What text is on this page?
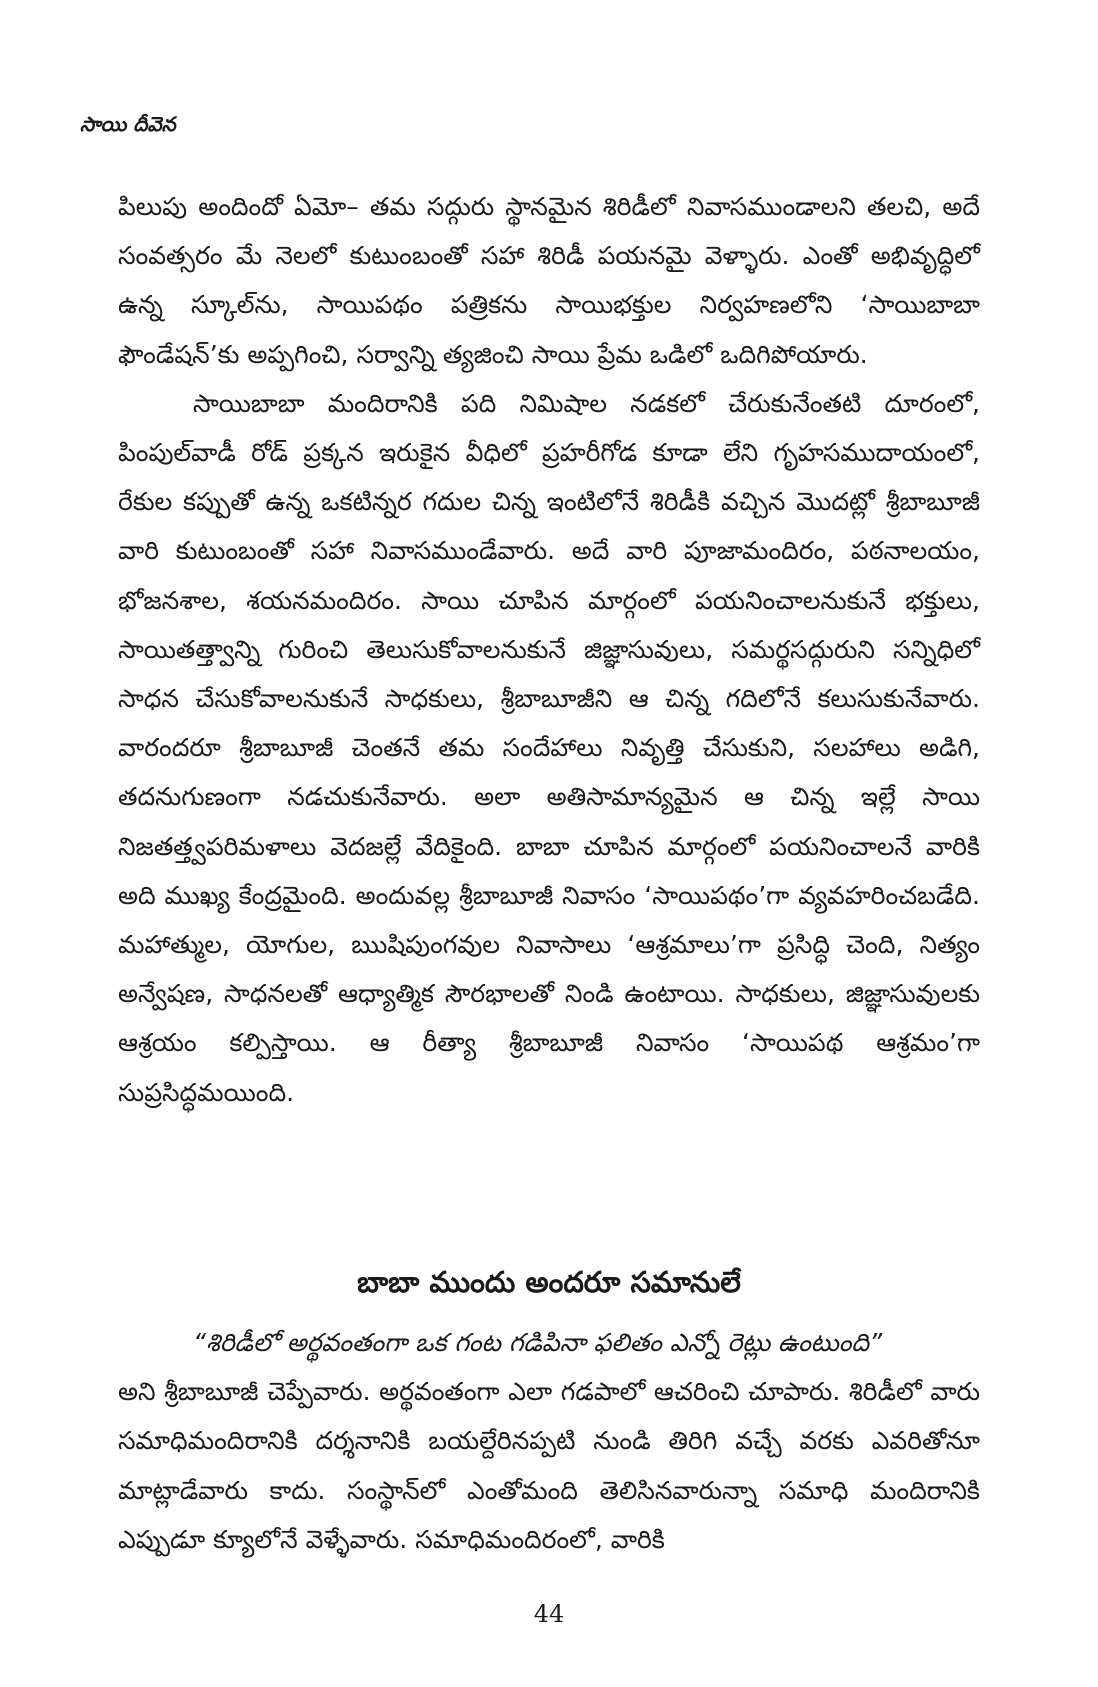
సాయి దీవెన

పిలుపు అందిందో ఏమో– తమ సద్గురు స్థానమైన శిరిడీలో నివాసముండాలని తలచి, అదే సంవత్సరం మే నెలలో కుటుంబంతో సహా శిరిడీ పయనమై వెళ్ళారు. ఎంతో అభివృద్ధిలో ఉన్న స్కూల్‌ను, సాయిపథం పత్రికను సాయిభక్తుల నిర్వహణలోని ‘సాయిబాబా ఫౌండేషన్’కు అప్పగించి, సర్వాన్ని త్యజించి సాయి ప్రేమ ఒడిలో ఒదిగిపోయారు.

సాయిబాబా మందిరానికి పది నిమిషాల నడకలో చేరుకునేంతటి దూరంలో, పింపుల్‌వాడీ రోడ్ ప్రక్కన ఇరుకైన వీధిలో ప్రహరీగోడ కూడా లేని గృహసముదాయంలో, రేకుల కప్పుతో ఉన్న ఒకటిన్నర గదుల చిన్న ఇంటిలోనే శిరిడీకి వచ్చిన మొదట్లో శ్రీబాబూజీ వారి కుటుంబంతో సహా నివాసముండేవారు. అదే వారి పూజామందిరం, పఠనాలయం, భోజనశాల, శయనమందిరం. సాయి చూపిన మార్గంలో పయనించాలనుకునే భక్తులు, సాయితత్త్వాన్ని గురించి తెలుసుకోవాలనుకునే జిజ్ఞాసువులు, సమర్థసద్గురుని సన్నిధిలో సాధన చేసుకోవాలనుకునే సాధకులు, శ్రీబాబూజీని ఆ చిన్న గదిలోనే కలుసుకునేవారు. వారందరూ శ్రీబాబూజీ చెంతనే తమ సందేహాలు నివృత్తి చేసుకుని, సలహాలు అడిగి, తదనుగుణంగా నడచుకునేవారు. అలా అతిసామాన్యమైన ఆ చిన్న ఇల్లే సాయి నిజతత్త్వపరిమళాలు వెదజల్లే వేదికైంది. బాబా చూపిన మార్గంలో పయనించాలనే వారికి అది ముఖ్య కేంద్రమైంది. అందువల్ల శ్రీబాబూజీ నివాసం ‘సాయిపథం’గా వ్యవహరించబడేది. మహాత్ముల, యోగుల, ఋషిపుంగవుల నివాసాలు ‘ఆశ్రమాలు’గా ప్రసిద్ధి చెంది, నిత్యం అన్వేషణ, సాధనలతో ఆధ్యాత్మిక సౌరభాలతో నిండి ఉంటాయి. సాధకులు, జిజ్ఞాసువులకు ఆశ్రయం కల్పిస్తాయి. ఆ రీత్యా శ్రీబాబూజీ నివాసం ‘సాయిపథ ఆశ్రమం’గా సుప్రసిద్ధమయింది.

బాబా ముందు అందరూ సమానులే

“శిరిడీలో అర్థవంతంగా ఒక గంట గడిపినా ఫలితం ఎన్నో రెట్లు ఉంటుంది”

అని శ్రీబాబూజీ చెప్పేవారు. అర్థవంతంగా ఎలా గడపాలో ఆచరించి చూపారు. శిరిడీలో వారు సమాధిమందిరానికి దర్శనానికి బయల్దేరినప్పటి నుండి తిరిగి వచ్చే వరకు ఎవరితోనూ మాట్లాడేవారు కాదు. సంస్థాన్‌లో ఎంతోమంది తెలిసినవారున్నా సమాధి మందిరానికి ఎప్పుడూ క్యూలోనే వెళ్ళేవారు. సమాధిమందిరంలో, వారికి

44
